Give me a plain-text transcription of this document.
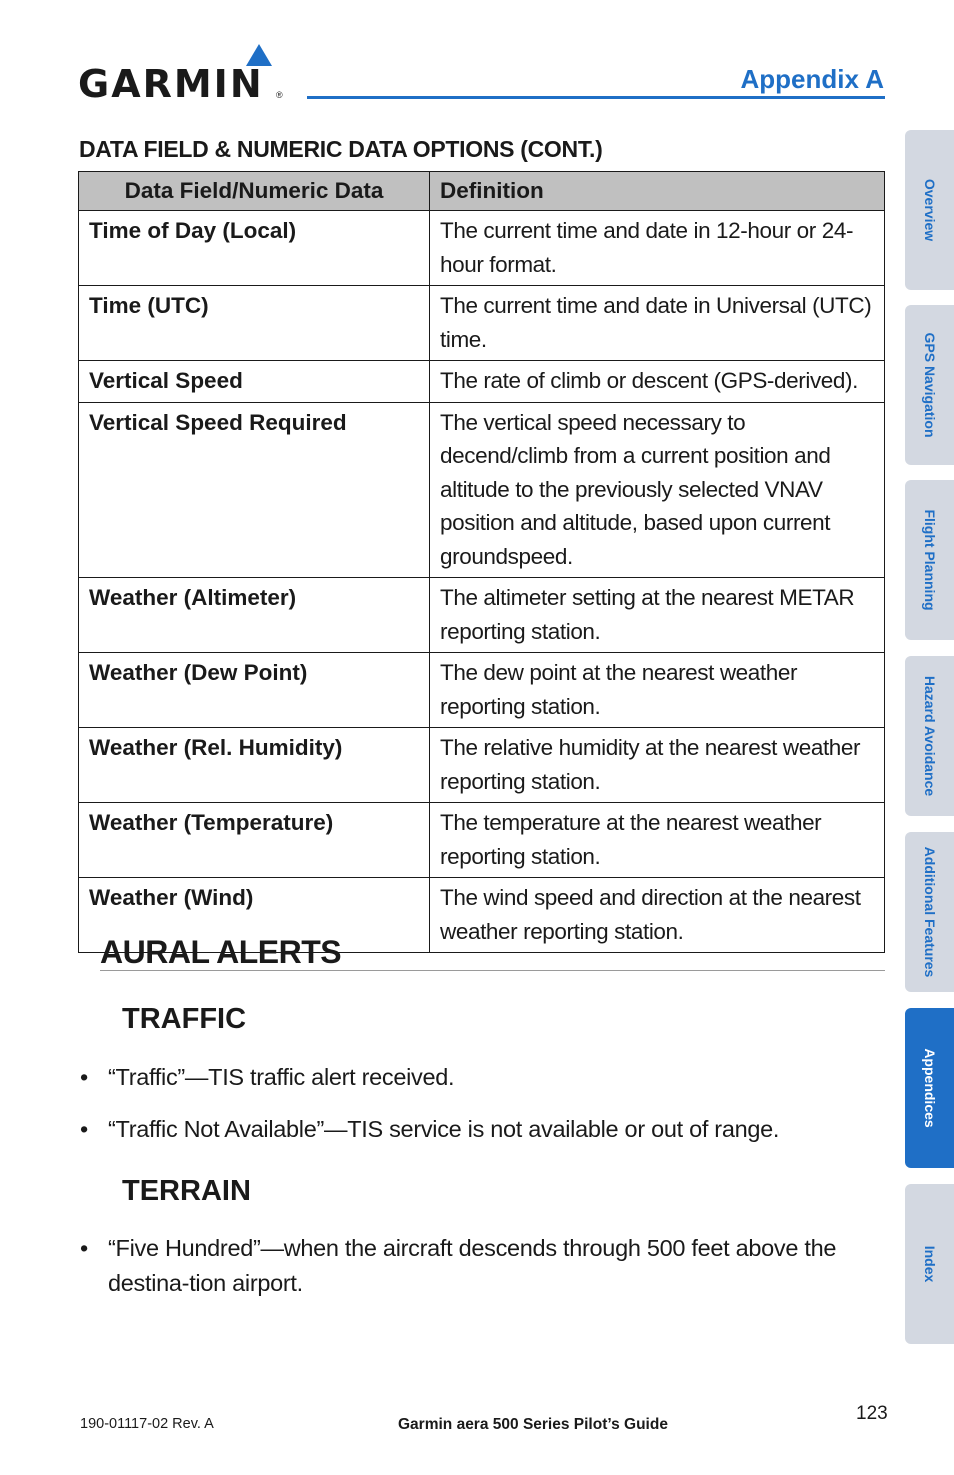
GARMIN ®
Appendix A
DATA FIELD & NUMERIC DATA OPTIONS (CONT.)
Data Field/Numeric Data	Definition
Time of Day (Local)	The current time and date in 12-hour or 24-hour format.
Time (UTC)	The current time and date in Universal (UTC) time.
Vertical Speed	The rate of climb or descent (GPS-derived).
Vertical Speed Required	The vertical speed necessary to decend/climb from a current position and altitude to the previously selected VNAV position and altitude, based upon current groundspeed.
Weather (Altimeter)	The altimeter setting at the nearest METAR reporting station.
Weather (Dew Point)	The dew point at the nearest weather reporting station.
Weather (Rel. Humidity)	The relative humidity at the nearest weather reporting station.
Weather (Temperature)	The temperature at the nearest weather reporting station.
Weather (Wind)	The wind speed and direction at the nearest weather reporting station.
AURAL ALERTS
TRAFFIC
• “Traffic”—TIS traffic alert received.
• “Traffic Not Available”—TIS service is not available or out of range.
TERRAIN
• “Five Hundred”—when the aircraft descends through 500 feet above the destina-tion airport.
Overview
GPS Navigation
Flight Planning
Hazard Avoidance
Additional Features
Appendices
Index
190-01117-02 Rev. A	Garmin aera 500 Series Pilot’s Guide
123
